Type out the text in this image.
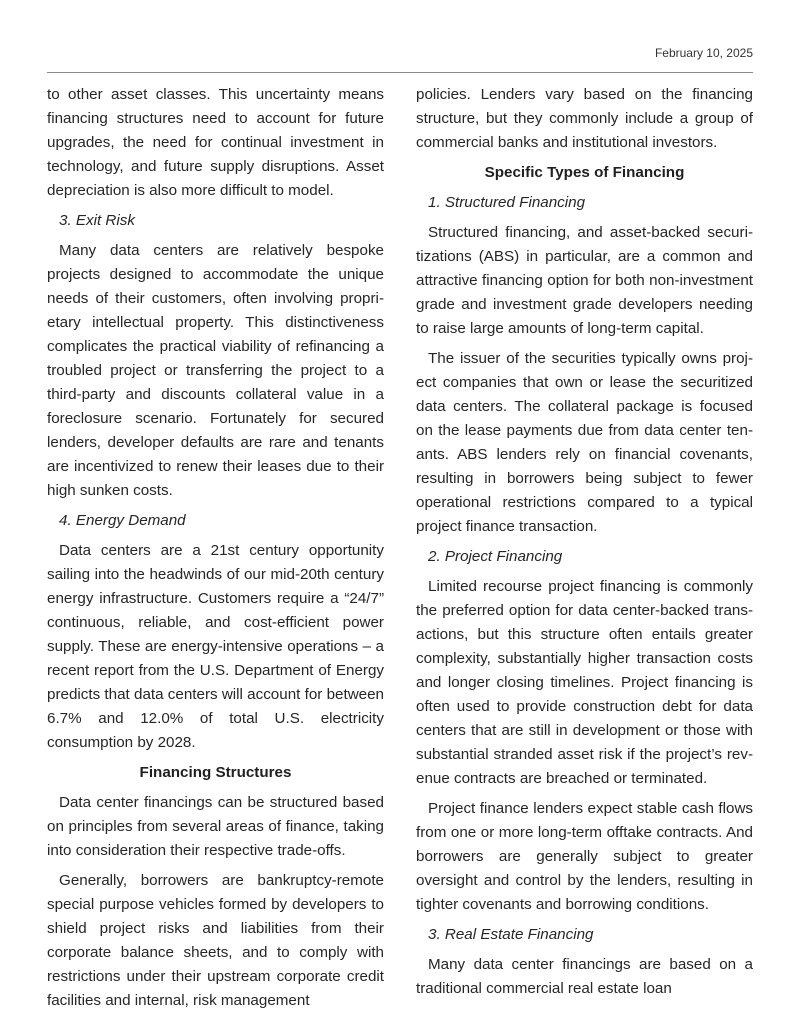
February 10, 2025

to other asset classes. This uncertainty means financing structures need to account for future upgrades, the need for continual investment in technology, and future supply disruptions. Asset depreciation is also more difficult to model.

3. Exit Risk

Many data centers are relatively bespoke projects designed to accommodate the unique needs of their customers, often involving proprietary intellectual property. This distinctiveness complicates the practical viability of refinancing a troubled project or transferring the project to a third-party and discounts collateral value in a foreclosure scenario. Fortunately for secured lenders, developer defaults are rare and tenants are incentivized to renew their leases due to their high sunken costs.

4. Energy Demand

Data centers are a 21st century opportunity sailing into the headwinds of our mid-20th century energy infrastructure. Customers require a “24/7” continuous, reliable, and cost-efficient power supply. These are energy-intensive operations – a recent report from the U.S. Department of Energy predicts that data centers will account for between 6.7% and 12.0% of total U.S. electricity consumption by 2028.

Financing Structures

Data center financings can be structured based on principles from several areas of finance, taking into consideration their respective trade-offs.

Generally, borrowers are bankruptcy-remote special purpose vehicles formed by developers to shield project risks and liabilities from their corporate balance sheets, and to comply with restrictions under their upstream corporate credit facilities and internal, risk management

policies. Lenders vary based on the financing structure, but they commonly include a group of commercial banks and institutional investors.

Specific Types of Financing
1. Structured Financing

Structured financing, and asset-backed securitizations (ABS) in particular, are a common and attractive financing option for both non-investment grade and investment grade developers needing to raise large amounts of long-term capital.

The issuer of the securities typically owns project companies that own or lease the securitized data centers. The collateral package is focused on the lease payments due from data center tenants. ABS lenders rely on financial covenants, resulting in borrowers being subject to fewer operational restrictions compared to a typical project finance transaction.

2. Project Financing

Limited recourse project financing is commonly the preferred option for data center-backed transactions, but this structure often entails greater complexity, substantially higher transaction costs and longer closing timelines. Project financing is often used to provide construction debt for data centers that are still in development or those with substantial stranded asset risk if the project’s revenue contracts are breached or terminated.

Project finance lenders expect stable cash flows from one or more long-term offtake contracts. And borrowers are generally subject to greater oversight and control by the lenders, resulting in tighter covenants and borrowing conditions.

3. Real Estate Financing

Many data center financings are based on a traditional commercial real estate loan
